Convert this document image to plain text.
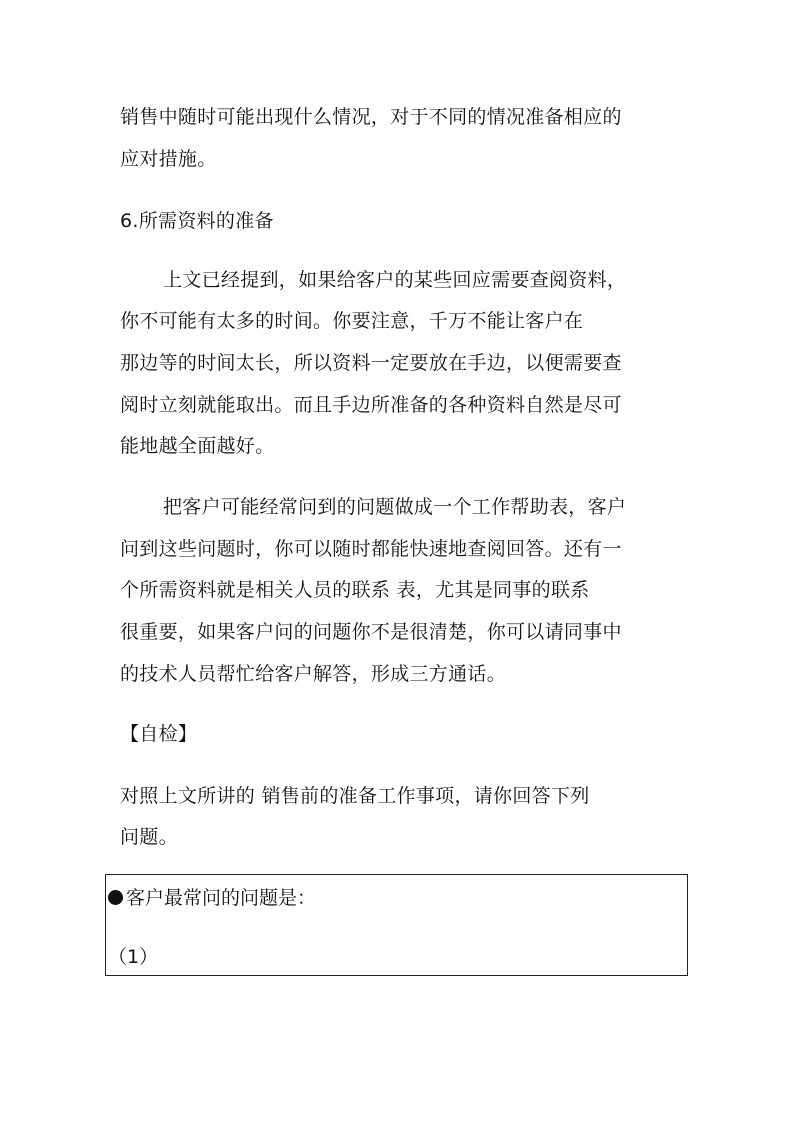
销售中随时可能出现什么情况，对于不同的情况准备相应的
应对措施。
6.所需资料的准备
上文已经提到，如果给客户的某些回应需要查阅资料，
你不可能有太多的时间。你要注意，千万不能让客户在
那边等的时间太长，所以资料一定要放在手边，以便需要查
阅时立刻就能取出。而且手边所准备的各种资料自然是尽可
能地越全面越好。
把客户可能经常问到的问题做成一个工作帮助表，客户
问到这些问题时，你可以随时都能快速地查阅回答。还有一
个所需资料就是相关人员的联系 表，尤其是同事的联系
很重要，如果客户问的问题你不是很清楚，你可以请同事中
的技术人员帮忙给客户解答，形成三方通话。
【自检】
对照上文所讲的 销售前的准备工作事项，请你回答下列
问题。
客户最常问的问题是：
（1）
